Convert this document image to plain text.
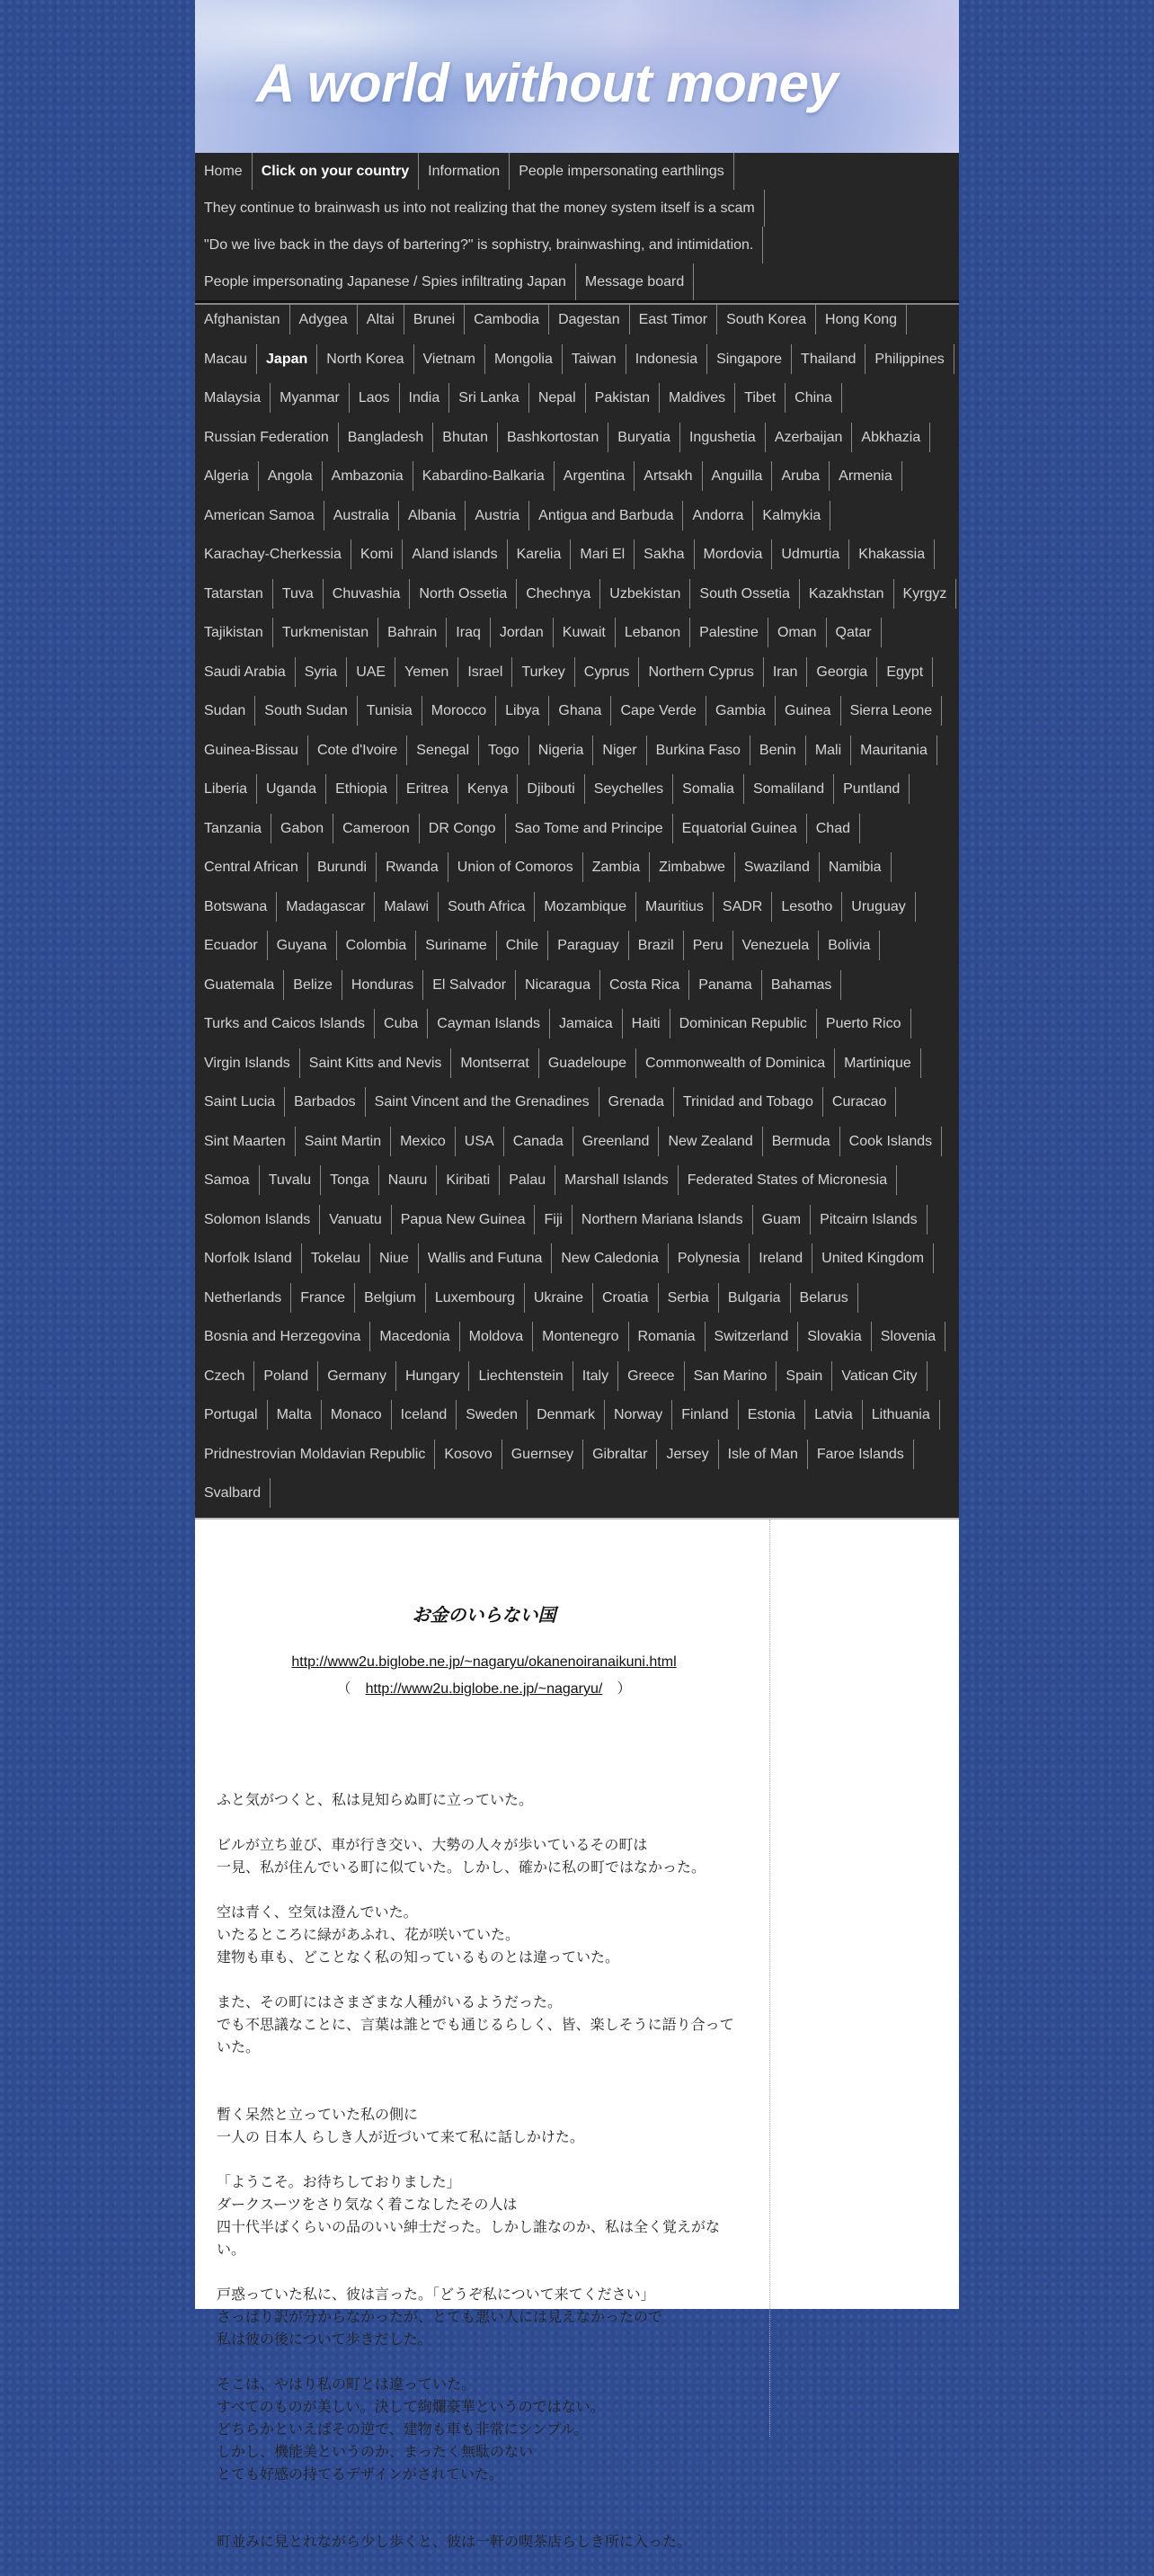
A world without money
Home	Click on your country	Information	People impersonating earthlings
They continue to brainwash us into not realizing that the money system itself is a scam
"Do we live back in the days of bartering?" is sophistry, brainwashing, and intimidation.
People impersonating Japanese / Spies infiltrating Japan	Message board
Afghanistan	Adygea	Altai	Brunei	Cambodia	Dagestan	East Timor	South Korea	Hong Kong
Macau	Japan	North Korea	Vietnam	Mongolia	Taiwan	Indonesia	Singapore	Thailand	Philippines
Malaysia	Myanmar	Laos	India	Sri Lanka	Nepal	Pakistan	Maldives	Tibet	China
Russian Federation	Bangladesh	Bhutan	Bashkortostan	Buryatia	Ingushetia	Azerbaijan	Abkhazia
Algeria	Angola	Ambazonia	Kabardino-Balkaria	Argentina	Artsakh	Anguilla	Aruba	Armenia
American Samoa	Australia	Albania	Austria	Antigua and Barbuda	Andorra	Kalmykia
Karachay-Cherkessia	Komi	Aland islands	Karelia	Mari El	Sakha	Mordovia	Udmurtia	Khakassia
Tatarstan	Tuva	Chuvashia	North Ossetia	Chechnya	Uzbekistan	South Ossetia	Kazakhstan	Kyrgyz
Tajikistan	Turkmenistan	Bahrain	Iraq	Jordan	Kuwait	Lebanon	Palestine	Oman	Qatar
Saudi Arabia	Syria	UAE	Yemen	Israel	Turkey	Cyprus	Northern Cyprus	Iran	Georgia	Egypt
Sudan	South Sudan	Tunisia	Morocco	Libya	Ghana	Cape Verde	Gambia	Guinea	Sierra Leone
Guinea-Bissau	Cote d'Ivoire	Senegal	Togo	Nigeria	Niger	Burkina Faso	Benin	Mali	Mauritania
Liberia	Uganda	Ethiopia	Eritrea	Kenya	Djibouti	Seychelles	Somalia	Somaliland	Puntland
Tanzania	Gabon	Cameroon	DR Congo	Sao Tome and Principe	Equatorial Guinea	Chad
Central African	Burundi	Rwanda	Union of Comoros	Zambia	Zimbabwe	Swaziland	Namibia
Botswana	Madagascar	Malawi	South Africa	Mozambique	Mauritius	SADR	Lesotho	Uruguay
Ecuador	Guyana	Colombia	Suriname	Chile	Paraguay	Brazil	Peru	Venezuela	Bolivia
Guatemala	Belize	Honduras	El Salvador	Nicaragua	Costa Rica	Panama	Bahamas
Turks and Caicos Islands	Cuba	Cayman Islands	Jamaica	Haiti	Dominican Republic	Puerto Rico
Virgin Islands	Saint Kitts and Nevis	Montserrat	Guadeloupe	Commonwealth of Dominica	Martinique
Saint Lucia	Barbados	Saint Vincent and the Grenadines	Grenada	Trinidad and Tobago	Curacao
Sint Maarten	Saint Martin	Mexico	USA	Canada	Greenland	New Zealand	Bermuda	Cook Islands
Samoa	Tuvalu	Tonga	Nauru	Kiribati	Palau	Marshall Islands	Federated States of Micronesia
Solomon Islands	Vanuatu	Papua New Guinea	Fiji	Northern Mariana Islands	Guam	Pitcairn Islands
Norfolk Island	Tokelau	Niue	Wallis and Futuna	New Caledonia	Polynesia	Ireland	United Kingdom
Netherlands	France	Belgium	Luxembourg	Ukraine	Croatia	Serbia	Bulgaria	Belarus
Bosnia and Herzegovina	Macedonia	Moldova	Montenegro	Romania	Switzerland	Slovakia	Slovenia
Czech	Poland	Germany	Hungary	Liechtenstein	Italy	Greece	San Marino	Spain	Vatican City
Portugal	Malta	Monaco	Iceland	Sweden	Denmark	Norway	Finland	Estonia	Latvia	Lithuania
Pridnestrovian Moldavian Republic	Kosovo	Guernsey	Gibraltar	Jersey	Isle of Man	Faroe Islands
Svalbard
お金のいらない国
http://www2u.biglobe.ne.jp/~nagaryu/okanenoiranaikuni.html
（　http://www2u.biglobe.ne.jp/~nagaryu/　）

ふと気がつくと、私は見知らぬ町に立っていた。

ビルが立ち並び、車が行き交い、大勢の人々が歩いているその町は
一見、私が住んでいる町に似ていた。しかし、確かに私の町ではなかった。

空は青く、空気は澄んでいた。
いたるところに緑があふれ、花が咲いていた。
建物も車も、どことなく私の知っているものとは違っていた。

また、その町にはさまざまな人種がいるようだった。
でも不思議なことに、言葉は誰とでも通じるらしく、皆、楽しそうに語り合って
いた。

暫く呆然と立っていた私の側に
一人の 日本人 らしき人が近づいて来て私に話しかけた。

「ようこそ。お待ちしておりました」
ダークスーツをさり気なく着こなしたその人は
四十代半ばくらいの品のいい紳士だった。しかし誰なのか、私は全く覚えがな
い。

戸惑っていた私に、彼は言った。「どうぞ私について来てください」
さっぱり訳が分からなかったが、とても悪い人には見えなかったので
私は彼の後について歩きだした。

そこは、やはり私の町とは違っていた。
すべてのものが美しい。決して絢爛豪華というのではない。
どちらかといえばその逆で、建物も車も非常にシンプル。
しかし、機能美というのか、まったく無駄のない
とても好感の持てるデザインがされていた。

町並みに見とれながら少し歩くと、彼は一軒の喫茶店らしき所に入った。
